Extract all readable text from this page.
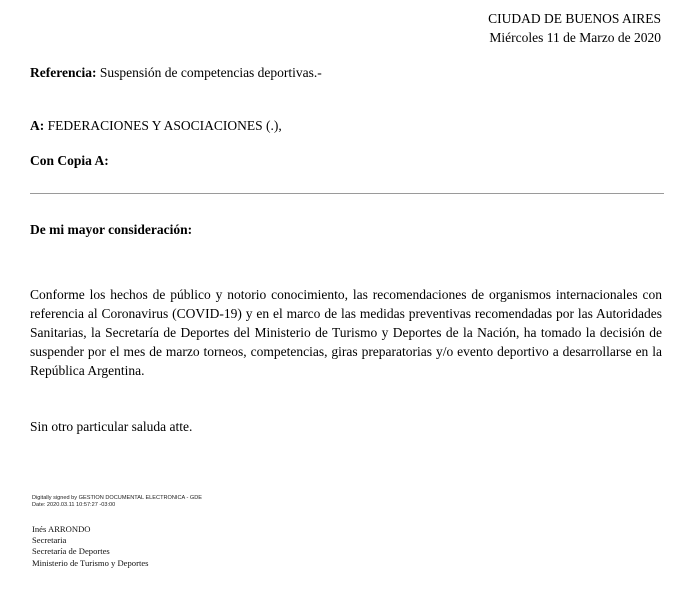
CIUDAD DE BUENOS AIRES
Miércoles 11 de Marzo de 2020
Referencia: Suspensión de competencias deportivas.-
A: FEDERACIONES Y ASOCIACIONES (.),
Con Copia A:
De mi mayor consideración:
Conforme los hechos de público y notorio conocimiento, las recomendaciones de organismos internacionales con referencia al Coronavirus (COVID-19) y en el marco de las medidas preventivas recomendadas por las Autoridades Sanitarias, la Secretaría de Deportes del Ministerio de Turismo y Deportes de la Nación, ha tomado la decisión de suspender por el mes de marzo torneos, competencias, giras preparatorias y/o evento deportivo a desarrollarse en la República Argentina.
Sin otro particular saluda atte.
Digitally signed by GESTION DOCUMENTAL ELECTRONICA - GDE
Date: 2020.03.11 10:57:27 -03:00
Inés ARRONDO
Secretaria
Secretaría de Deportes
Ministerio de Turismo y Deportes
